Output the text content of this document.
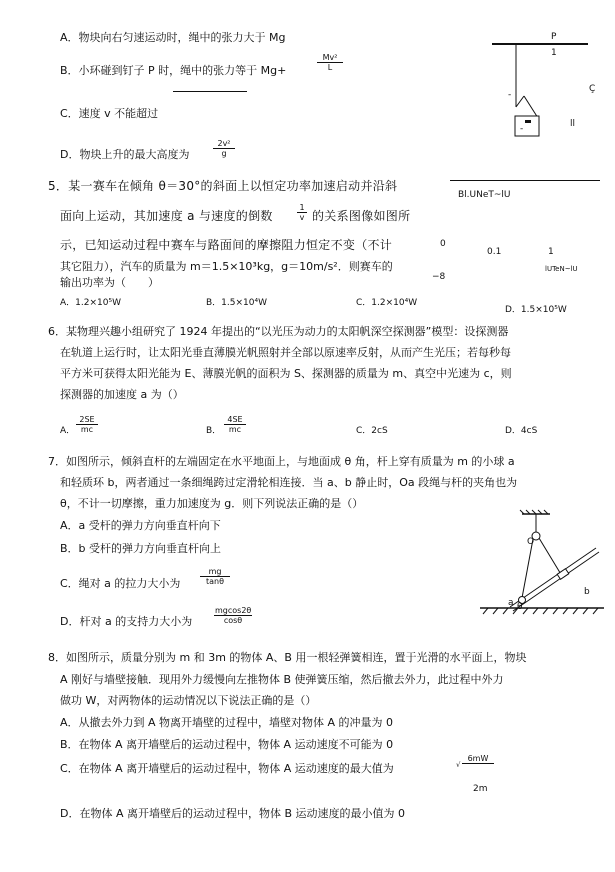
A．物块向右匀速运动时，绳中的张力大于 Mg
B．小环碰到钉子 P 时，绳中的张力等于 Mg+	$\frac{\text{Mv²}}{L}$
C．速度 v 不能超过
D．物块上升的最大高度为	$\frac{\text{2v²}}{g}$
P
1
Ç
-
-	ll
5．某一赛车在倾角 θ＝30°的斜面上以恒定功率加速启动并沿斜
面向上运动，其加速度 a 与速度的倒数	$\frac{1}{v}$ 的关系图像如图所
示，已知运动过程中赛车与路面间的摩擦阻力恒定不变（不计
其它阻力），汽车的质量为 m＝1.5×10³kg，g＝10m/s²．则赛车的
输出功率为（　　）
A．1.2×10⁵W	B．1.5×10⁴W	C．1.2×10⁴W
D．1.5×10⁵W
Bl.UNeT~lU
0
0.1	1
−8
lUTeN~lU
6．某物理兴趣小组研究了 1924 年提出的“以光压为动力的太阳帆深空探测器”模型：设探测器
在轨道上运行时，让太阳光垂直薄膜光帆照射并全部以原速率反射，从而产生光压；若每秒每
平方米可获得太阳光能为 E、薄膜光帆的面积为 S、探测器的质量为 m、真空中光速为 c，则
探测器的加速度 a 为（）
A． $\frac{2SE}{mc}$	B． $\frac{4SE}{mc}$	C．2cS	D．4cS
7．如图所示，倾斜直杆的左端固定在水平地面上，与地面成 θ 角，杆上穿有质量为 m 的小球 a
和轻质环 b，两者通过一条细绳跨过定滑轮相连接．当 a、b 静止时，Oa 段绳与杆的夹角也为
θ，不计一切摩擦，重力加速度为 g．则下列说法正确的是（）
A．a 受杆的弹力方向垂直杆向下
B．b 受杆的弹力方向垂直杆向上
C．绳对 a 的拉力大小为 $\frac{mg}{\tan\theta}$
D．杆对 a 的支持力大小为	$\frac{mgcos2\theta}{\cos\theta}$
O
b
a θ
8．如图所示，质量分别为 m 和 3m 的物体 A、B 用一根轻弹簧相连，置于光滑的水平面上，物块
A 刚好与墙壁接触．现用外力缓慢向左推物体 B 使弹簧压缩，然后撤去外力，此过程中外力
做功 W，对两物体的运动情况以下说法正确的是（）
A．从撤去外力到 A 物离开墙壁的过程中，墙壁对物体 A 的冲量为 0
B．在物体 A 离开墙壁后的运动过程中，物体 A 运动速度不可能为 0
C．在物体 A 离开墙壁后的运动过程中，物体 A 运动速度的最大值为
6mW
√
2m
D．在物体 A 离开墙壁后的运动过程中，物体 B 运动速度的最小值为 0
